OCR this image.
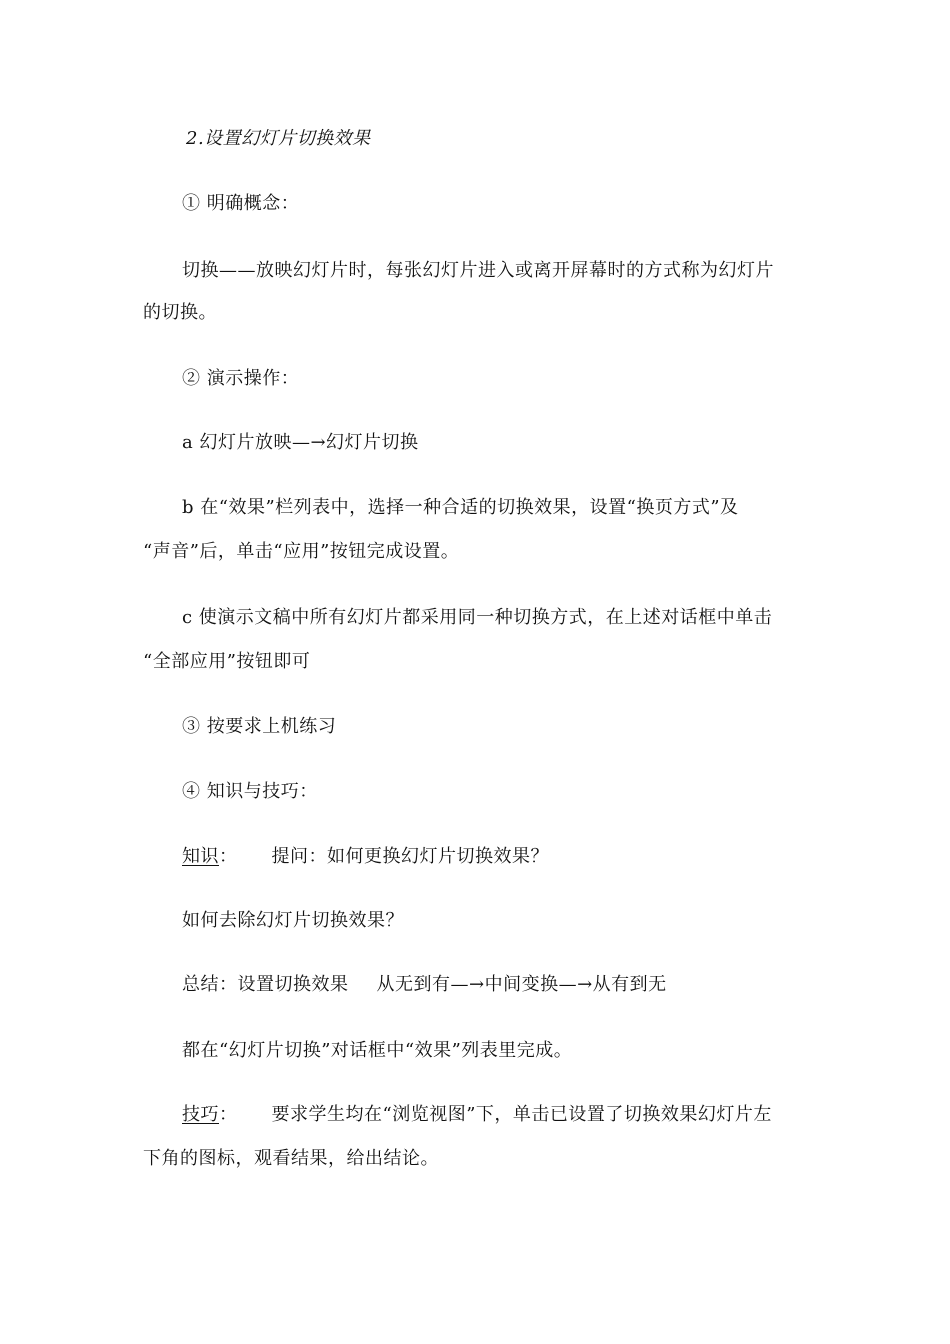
2.设置幻灯片切换效果
① 明确概念：
切换——放映幻灯片时，每张幻灯片进入或离开屏幕时的方式称为幻灯片
的切换。
② 演示操作：
a 幻灯片放映—→幻灯片切换
b 在“效果”栏列表中，选择一种合适的切换效果，设置“换页方式”及
“声音”后，单击“应用”按钮完成设置。
c 使演示文稿中所有幻灯片都采用同一种切换方式，在上述对话框中单击
“全部应用”按钮即可
③ 按要求上机练习
④ 知识与技巧：
知识： 提问：如何更换幻灯片切换效果？
如何去除幻灯片切换效果？
总结：设置切换效果 从无到有—→中间变换—→从有到无
都在“幻灯片切换”对话框中“效果”列表里完成。
技巧： 要求学生均在“浏览视图”下，单击已设置了切换效果幻灯片左
下角的图标，观看结果，给出结论。
